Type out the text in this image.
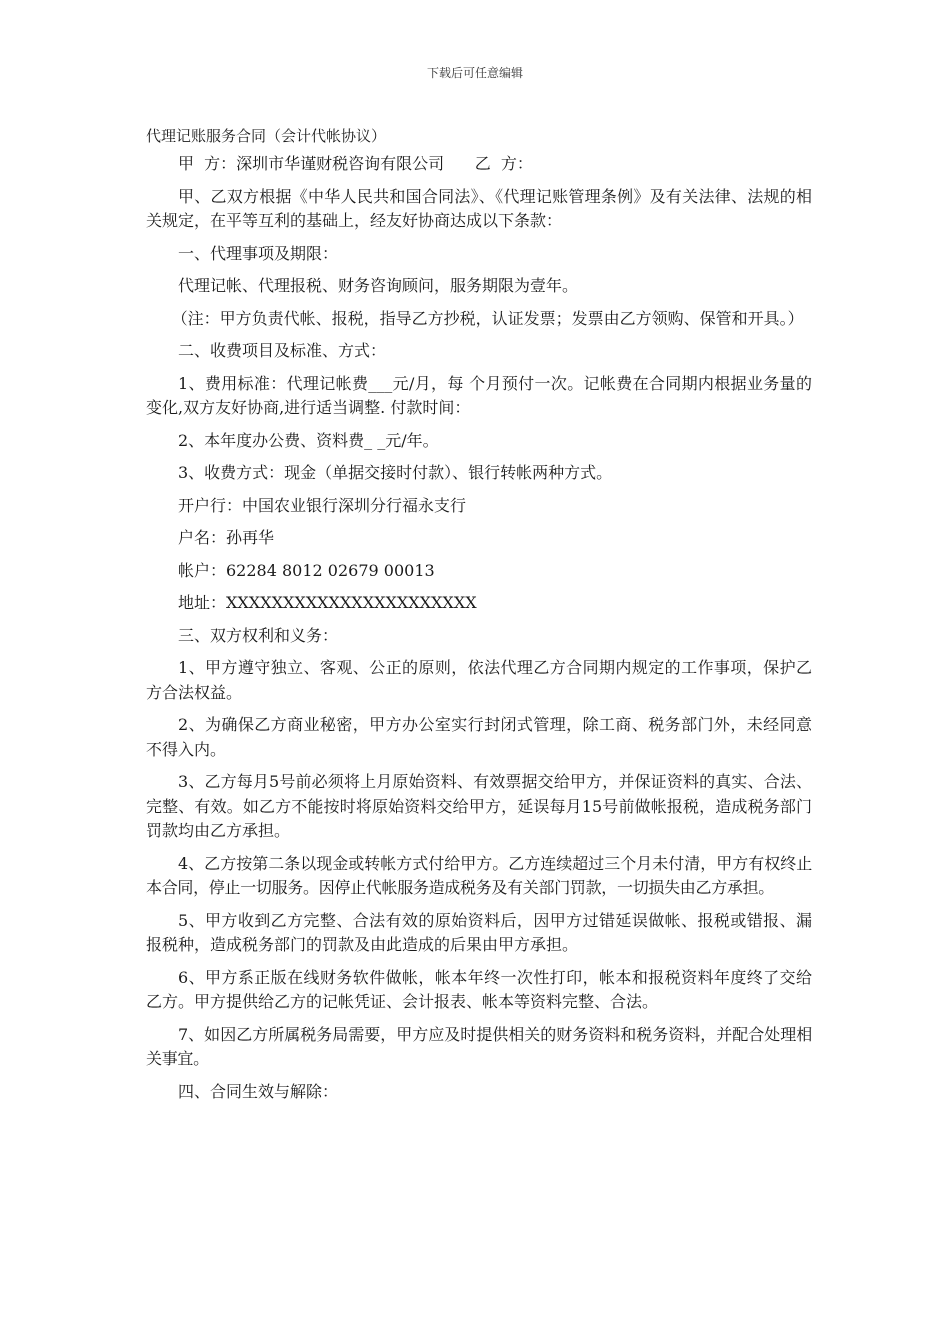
下载后可任意编辑
代理记账服务合同（会计代帐协议）

甲  方：深圳市华谨财税咨询有限公司      乙  方：

甲、乙双方根据《中华人民共和国合同法》、《代理记账管理条例》及有关法律、法规的相关规定，在平等互利的基础上，经友好协商达成以下条款：

一、代理事项及期限：

代理记帐、代理报税、财务咨询顾问，服务期限为壹年。

（注：甲方负责代帐、报税，指导乙方抄税，认证发票；发票由乙方领购、保管和开具。）

二、收费项目及标准、方式：

1、费用标准：代理记帐费___元/月，每 个月预付一次。记帐费在合同期内根据业务量的变化,双方友好协商,进行适当调整. 付款时间：

2、本年度办公费、资料费_ _元/年。

3、收费方式：现金（单据交接时付款）、银行转帐两种方式。

开户行：中国农业银行深圳分行福永支行

户名：孙再华

帐户：62284 8012 02679 00013

地址：XXXXXXXXXXXXXXXXXXXXXX

三、双方权利和义务：

1、甲方遵守独立、客观、公正的原则，依法代理乙方合同期内规定的工作事项，保护乙方合法权益。

2、为确保乙方商业秘密，甲方办公室实行封闭式管理，除工商、税务部门外，未经同意不得入内。

3、乙方每月5号前必须将上月原始资料、有效票据交给甲方，并保证资料的真实、合法、完整、有效。如乙方不能按时将原始资料交给甲方，延误每月15号前做帐报税，造成税务部门罚款均由乙方承担。

4、乙方按第二条以现金或转帐方式付给甲方。乙方连续超过三个月未付清，甲方有权终止本合同，停止一切服务。因停止代帐服务造成税务及有关部门罚款，一切损失由乙方承担。

5、甲方收到乙方完整、合法有效的原始资料后，因甲方过错延误做帐、报税或错报、漏报税种，造成税务部门的罚款及由此造成的后果由甲方承担。

6、甲方系正版在线财务软件做帐，帐本年终一次性打印，帐本和报税资料年度终了交给乙方。甲方提供给乙方的记帐凭证、会计报表、帐本等资料完整、合法。

7、如因乙方所属税务局需要，甲方应及时提供相关的财务资料和税务资料，并配合处理相关事宜。

四、合同生效与解除：
